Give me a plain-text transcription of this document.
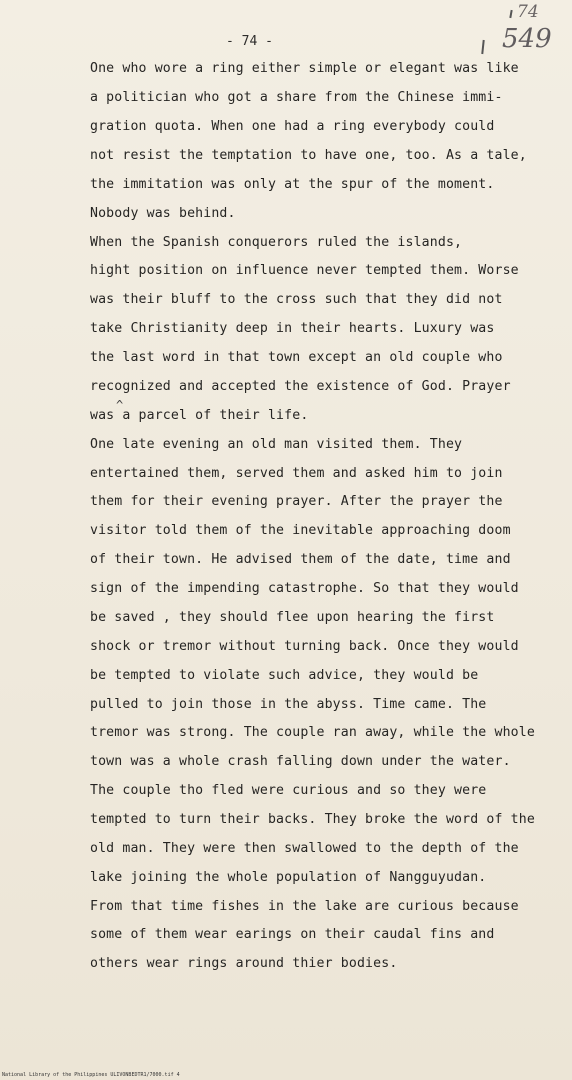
74
549
- 74 -
One who wore a ring either simple or elegant was like
a politician who got a share from the Chinese immi-
gration quota. When one had a ring everybody could
not resist the temptation to have one, too. As a tale,
the immitation was only at the spur of the moment.
Nobody was behind.
When the Spanish conquerors ruled the islands,
hight position on influence never tempted them. Worse
was their bluff to the cross such that they did not
take Christianity deep in their hearts. Luxury was
the last word in that town except an old couple who
recognized and accepted the existence of God. Prayer
was a parcel of their life.
One late evening an old man visited them. They
entertained them, served them and asked him to join
them for their evening prayer. After the prayer the
visitor told them of the inevitable approaching doom
of their town. He advised them of the date, time and
sign of the impending catastrophe. So that they would
be saved , they should flee upon hearing the first
shock or tremor without turning back. Once they would
be tempted to violate such advice, they would be
pulled to join those in the abyss. Time came. The
tremor was strong. The couple ran away, while the whole
town was a whole crash falling down under the water.
The couple tho fled were curious and so they were
tempted to turn their backs. They broke the word of the
old man. They were then swallowed to the depth of the
lake joining the whole population of Nangguyudan.
From that time fishes in the lake are curious because
some of them wear earings on their caudal fins and
others wear rings around thier bodies.
^
National Library of the Philippines ULIVONBEDTR1/7000.tif 4
